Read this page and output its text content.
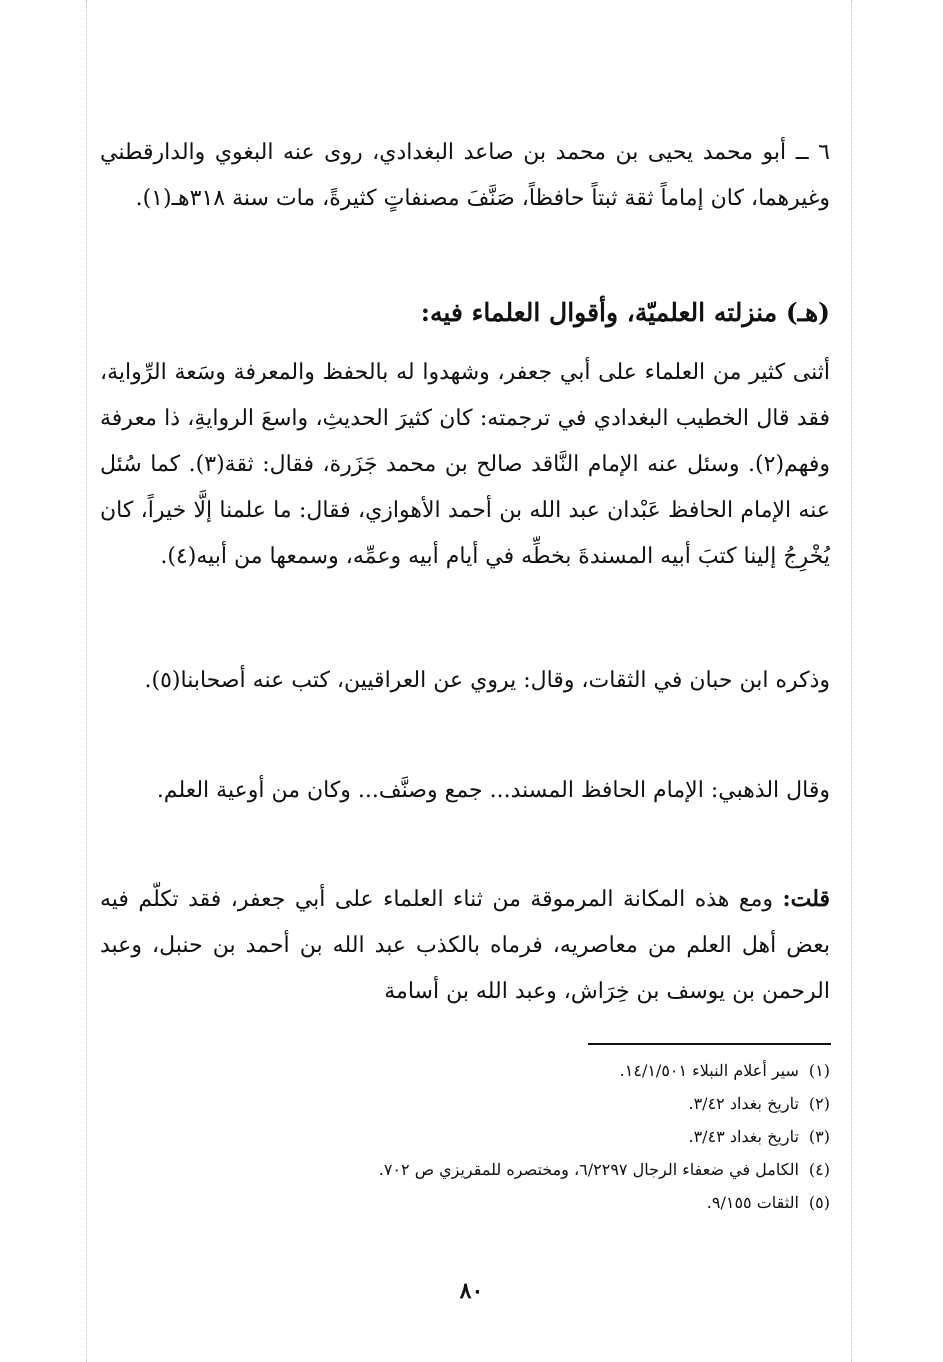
٦ ــ أبو محمد يحيى بن محمد بن صاعد البغدادي، روى عنه البغوي والدارقطني وغيرهما، كان إماماً ثقة ثبتاً حافظاً، صَنَّفَ مصنفاتٍ كثيرةً، مات سنة ٣١٨هـ(١).

(هـ) منزلته العلميّة، وأقوال العلماء فيه:

أثنى كثير من العلماء على أبي جعفر، وشهدوا له بالحفظ والمعرفة وسَعة الرِّواية، فقد قال الخطيب البغدادي في ترجمته: كان كثيرَ الحديثِ، واسعَ الروايةِ، ذا معرفة وفهم(٢). وسئل عنه الإمام النَّاقد صالح بن محمد جَزَرة، فقال: ثقة(٣). كما سُئل عنه الإمام الحافظ عَبْدان عبد الله بن أحمد الأهوازي، فقال: ما علمنا إلَّا خيراً، كان يُخْرِجُ إلينا كتبَ أبيه المسندةَ بخطِّه في أيام أبيه وعمِّه، وسمعها من أبيه(٤).

وذكره ابن حبان في الثقات، وقال: يروي عن العراقيين، كتب عنه أصحابنا(٥).

وقال الذهبي: الإمام الحافظ المسند... جمع وصنَّف... وكان من أوعية العلم.

قلت: ومع هذه المكانة المرموقة من ثناء العلماء على أبي جعفر، فقد تكلّم فيه بعض أهل العلم من معاصريه، فرماه بالكذب عبد الله بن أحمد بن حنبل، وعبد الرحمن بن يوسف بن خِرَاش، وعبد الله بن أسامة

(١)سير أعلام النبلاء ١٤/١/٥٠١.
(٢)تاريخ بغداد ٣/٤٢.
(٣)تاريخ بغداد ٣/٤٣.
(٤)الكامل في ضعفاء الرجال ٦/٢٢٩٧، ومختصره للمقريزي ص ٧٠٢.
(٥)الثقات ٩/١٥٥.
٨٠
